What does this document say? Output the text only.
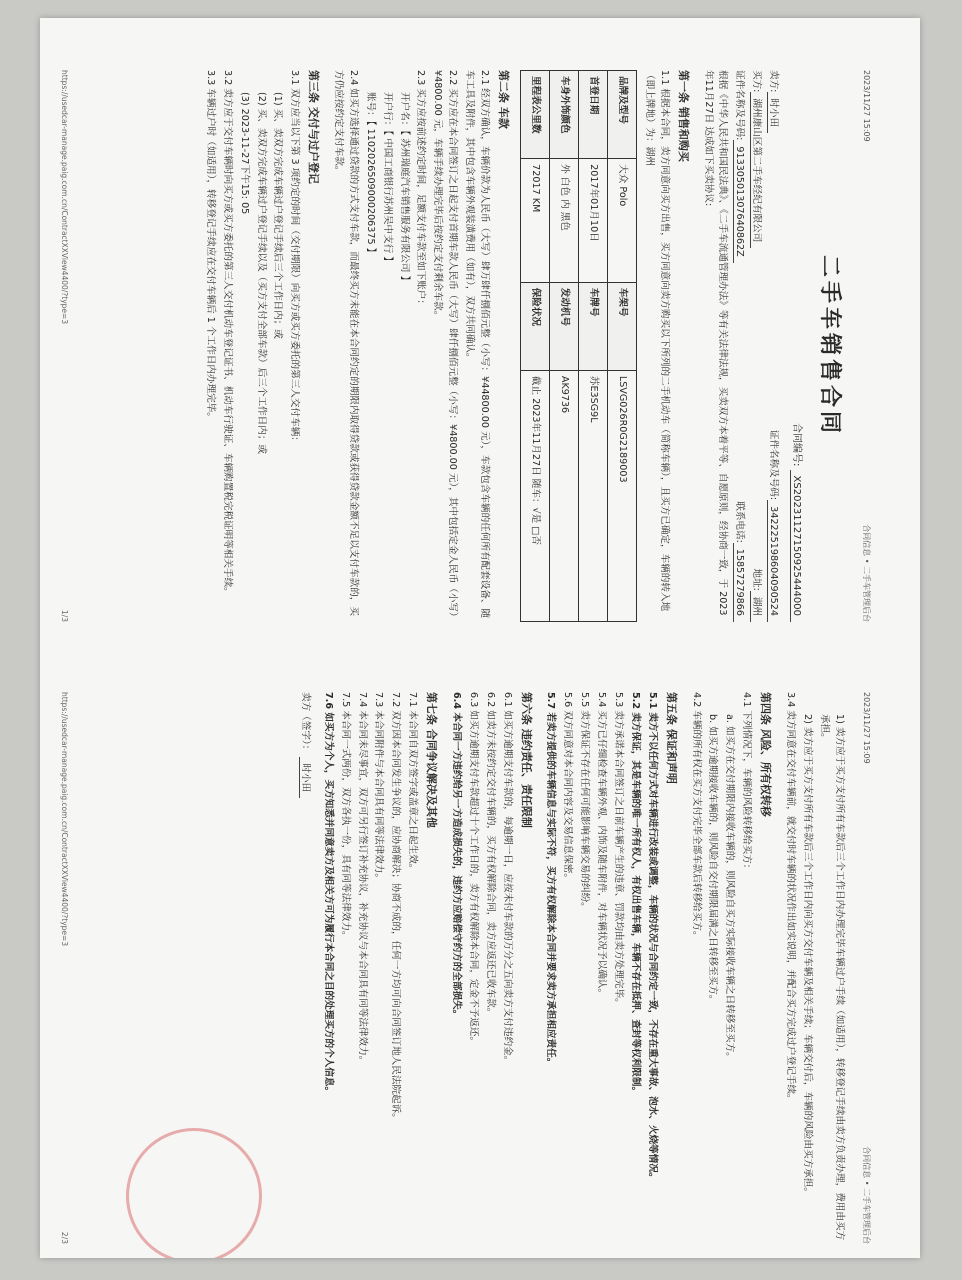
2023/11/27 15:09
合同信息 • 二手车管理后台
二手车销售合同
合同编号: XS20231127150925444000
卖方:时小田
证件名称及号码:342225198604090524
买方:湖州康山区第二手车经纪有限公司
地址:湖州
证件名称及号码:91330501307640862Z
联系电话:15857279866
根据《中华人民共和国民法典》、《二手车流通管理办法》等有关法律法规，买卖双方本着平等、自愿原则，经协商一致，于 2023年11月27日 达成如下买卖协议:
第一条 销售和购买
1.1 根据本合同，卖方同意向买方出售，买方同意向卖方购买以下所列的二手机动车（简称车辆），且买方已确定，车辆的转入地（即上牌地）为：湖州
品牌及型号	大众 Polo	车架号	LSVG026R0G2189003
首登日期	2017年01月10日	车牌号	苏E3SG9L
车身外饰颜色	外 白色 内 黑色	发动机号	AK9736
里程表公里数	72017 KM	保险状况	截止 2023年11月27日 随车：√是 □否
第二条 车款
2.1 经双方确认，车辆价款为人民币（大写）肆万肆仟捌佰元整（小写：¥44800.00 元），车款包含车辆的任何所有配套设备、随车工具及附件，其中包含车辆外观装潢费用（如有），双方共同确认。
2.2 买方应在本合同签订之日起支付首期车款人民币（大写）肆仟捌佰元整（小写：¥4800.00 元），其中包括定金人民币（小写）¥4800.00 元，车辆手续办理完毕后按约定支付剩余车款。
2.3 买方应按前述约定时间，足额支付车款至如下账户：
开户名：【 苏州瑞庭汽车销售服务有限公司 】
开户行：【 中国工商银行苏州吴中支行 】
账号：【 1102026509000206375 】
2.4 如买方选择通过贷款的方式支付车款，而最终买方未能在本合同约定的期限内取得贷款或获得贷款金额不足以支付车款的，买方仍应按约定支付车款。
第三条 交付与过户登记
3.1 双方应当以下第 3 项约定的时间（交付期限）向买方或买方委托的第三人交付车辆：
(1) 买、卖双方完成车辆过户登记手续后三个工作日内；或
(2) 买、卖双方完成车辆过户登记手续以及（买方支付全部车款）后三个工作日内；或
(3) 2023-11-27下午15: 05
3.2 卖方应于交付车辆时向买方或买方委托的第三人交付机动车登记证书、机动车行驶证、车辆购置税完税证明等相关手续。
3.3 车辆过户时（如适用），转移登记手续应在交付车辆后 1 个工作日内办理完毕。
https://usedcar-manage.paig.com.cn/ContractXXView4400/?type=3
1/3
2023/11/27 15:09
合同信息 • 二手车管理后台
1) 卖方应于买方支付所有车款后三个工作日内办理完毕车辆过户手续（如适用），转移登记手续由卖方负责办理，费用由买方承担。
2) 卖方应于买方支付所有车款后三个工作日内向买方交付车辆及相关手续；车辆交付后，车辆的风险由买方承担。
3.4 卖方同意在交付车辆前，就交付时车辆的状况作出如实说明，并配合买方完成过户登记手续。
第四条 风险、所有权转移
4.1 下列情况下，车辆的风险转移给买方：
a. 如买方在交付期限内接收车辆的，则风险自买方实际接收车辆之日转移至买方。
b. 如买方逾期接收车辆的，则风险自交付期限届满之日转移至买方。
4.2 车辆的所有权在买方支付完毕全部车款后转移给买方。
第五条 保证和声明
5.1 卖方不以任何方式对车辆进行改装或调整，车辆的状况与合同约定一致，不存在重大事故、泡水、火烧等情况。
5.2 卖方保证，其是车辆的唯一所有权人，有权出售车辆，车辆不存在抵押、查封等权利限制。
5.3 卖方承诺本合同签订之日前车辆产生的违章、罚款均由卖方处理完毕。
5.4 买方已仔细检查车辆外观、内饰及随车附件，对车辆状况予以确认。
5.5 卖方保证不存在任何可能影响车辆交易的纠纷。
5.6 双方同意对本合同内容及交易信息保密。
5.7 若卖方提供的车辆信息与实际不符，买方有权解除本合同并要求卖方承担相应责任。
第六条 违约责任、责任限制
6.1 如买方逾期支付车款的，每逾期一日，应按未付车款的万分之五向卖方支付违约金。
6.2 如卖方未按约定交付车辆的，买方有权解除合同，卖方应返还已收车款。
6.3 如买方逾期支付车款超过十个工作日的，卖方有权解除本合同，定金不予返还。
6.4 本合同一方违约给另一方造成损失的，违约方应赔偿守约方的全部损失。
第七条 合同争议解决及其他
7.1 本合同自双方签字或盖章之日起生效。
7.2 双方因本合同发生争议的，应协商解决；协商不成的，任何一方均可向合同签订地人民法院起诉。
7.3 本合同附件与本合同具有同等法律效力。
7.4 本合同未尽事宜，双方可另行签订补充协议，补充协议与本合同具有同等法律效力。
7.5 本合同一式两份，双方各执一份，具有同等法律效力。
7.6 如买方为个人，买方知悉并同意卖方及相关方可为履行本合同之目的处理买方的个人信息。
卖方（签字）： 时小田
https://usedcar-manage.paig.com.cn/ContractXXView4400/?type=3
2/3
